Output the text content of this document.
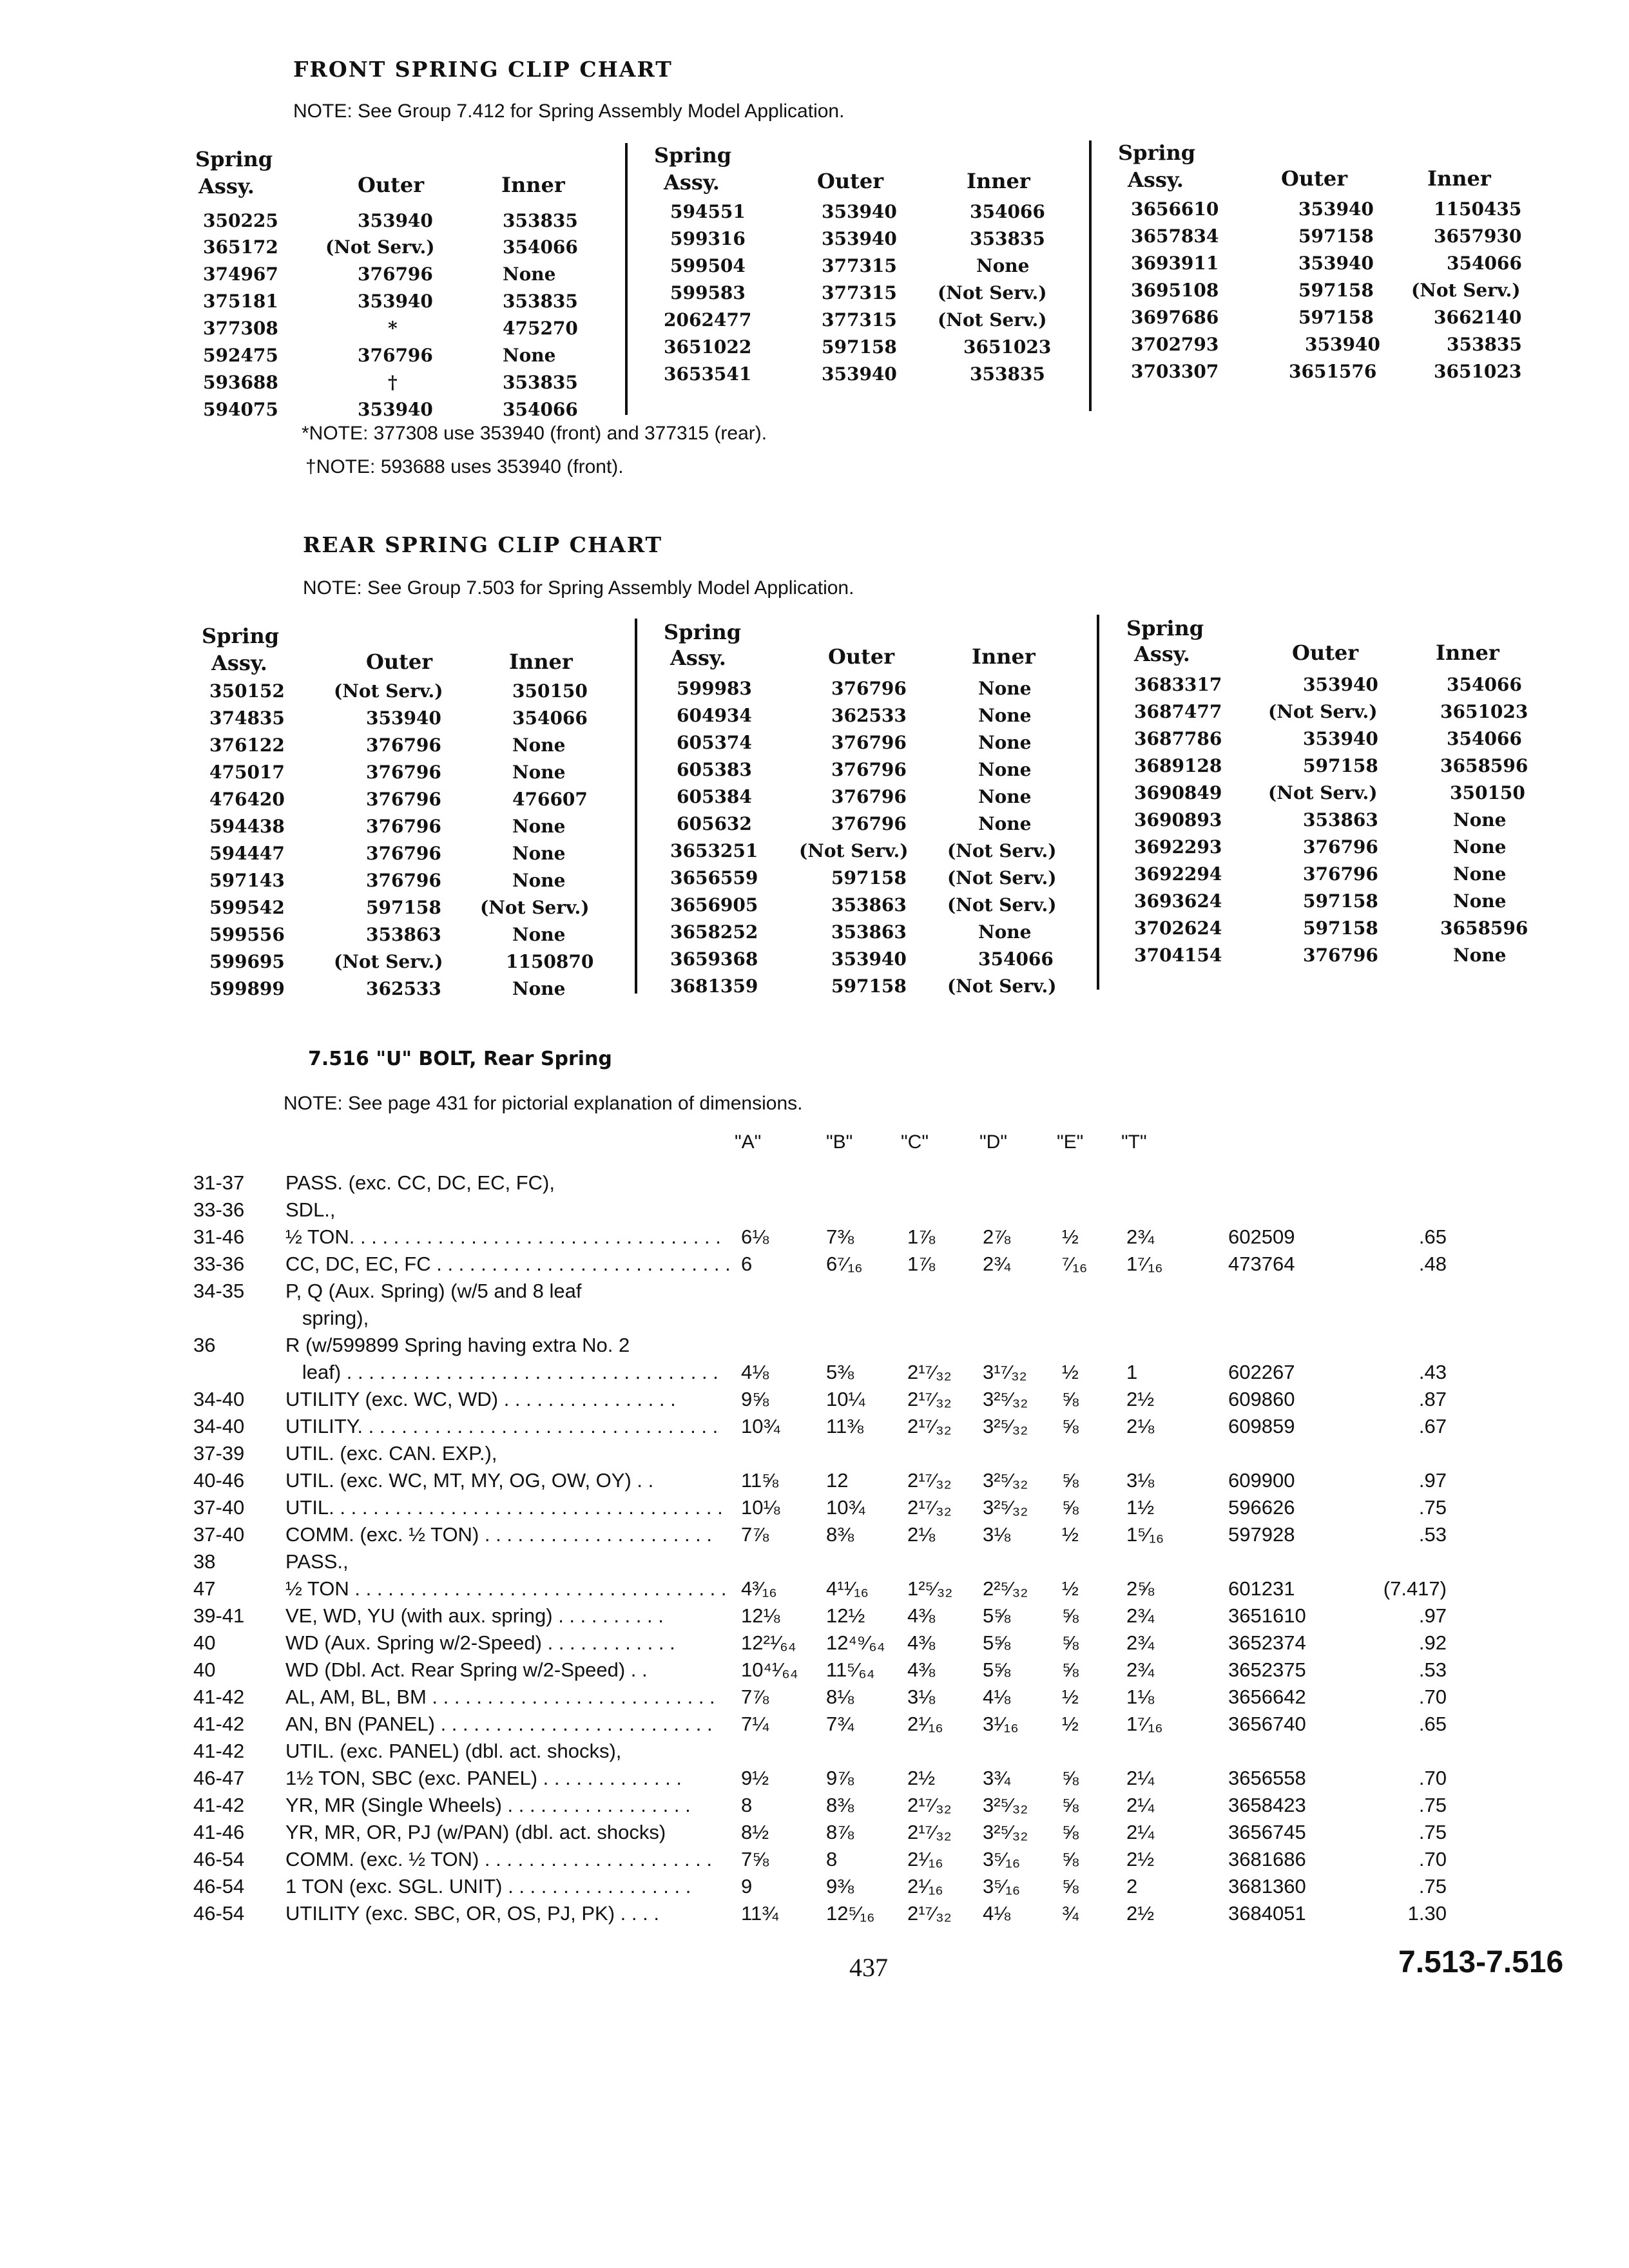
FRONT SPRING CLIP CHART
NOTE: See Group 7.412 for Spring Assembly Model Application.
Spring
Assy.	Outer	Inner
Spring
Assy.	Outer	Inner
Spring
Assy.	Outer	Inner
350225	353940	353835
365172	(Not Serv.)	354066
374967	376796	None
375181	353940	353835
377308	*	475270
592475	376796	None
593688	†	353835
594075	353940	354066
594551	353940	354066
599316	353940	353835
599504	377315	None
599583	377315 (Not Serv.)
2062477	377315 (Not Serv.)
3651022	597158	3651023
3653541	353940	353835
3656610	353940	1150435
3657834	597158	3657930
3693911	353940	354066
3695108	597158 (Not Serv.)
3697686	597158	3662140
3702793	353940	353835
3703307	3651576	3651023
*NOTE: 377308 use 353940 (front) and 377315 (rear).
†NOTE: 593688 uses 353940 (front).
REAR SPRING CLIP CHART
NOTE: See Group 7.503 for Spring Assembly Model Application.
Spring
Assy.	Outer	Inner
Spring
Assy.	Outer	Inner
Spring
Assy.	Outer	Inner
350152	(Not Serv.)	350150
374835	353940	354066
376122	376796	None
475017	376796	None
476420	376796	476607
594438	376796	None
594447	376796	None
597143	376796	None
599542	597158 (Not Serv.)
599556	353863	None
599695	(Not Serv.)	1150870
599899	362533	None
599983	376796	None
604934	362533	None
605374	376796	None
605383	376796	None
605384	376796	None
605632	376796	None
3653251 (Not Serv.) (Not Serv.)
3656559	597158 (Not Serv.)
3656905	353863 (Not Serv.)
3658252	353863	None
3659368	353940	354066
3681359	597158 (Not Serv.)
3683317	353940	354066
3687477	(Not Serv.)	3651023
3687786	353940	354066
3689128	597158	3658596
3690849	(Not Serv.)	350150
3690893	353863	None
3692293	376796	None
3692294	376796	None
3693624	597158	None
3702624	597158	3658596
3704154	376796	None
7.516 "U" BOLT, Rear Spring
NOTE: See page 431 for pictorial explanation of dimensions.
"A"	"B" "C"	"D"	"E" "T"
31-37 PASS. (exc. CC, DC, EC, FC),
33-36 SDL.,
31-46 ½ TON. . . . . . . . . . . . . . . . . . . . . . . . . . . . . . . . . . 6⅛	7⅜	1⅞ 2⅞	½ 2¾	602509	.65
33-36 CC, DC, EC, FC . . . . . . . . . . . . . . . . . . . . . . . . . . . 6	6⁷⁄₁₆ 1⅞ 2¾	⁷⁄₁₆ 1⁷⁄₁₆	473764	.48
34-35 P, Q (Aux. Spring) (w/5 and 8 leaf
spring),
36	R (w/599899 Spring having extra No. 2
leaf) . . . . . . . . . . . . . . . . . . . . . . . . . . . . . . . . . . 4⅛	5⅜	2¹⁷⁄₃₂ 3¹⁷⁄₃₂ ½ 1	602267	.43
34-40 UTILITY (exc. WC, WD) . . . . . . . . . . . . . . . .	9⅝	10¼ 2¹⁷⁄₃₂ 3²⁵⁄₃₂ ⅝ 2½	609860	.87
34-40 UTILITY. . . . . . . . . . . . . . . . . . . . . . . . . . . . . . . . . 10¾ 11⅜ 2¹⁷⁄₃₂ 3²⁵⁄₃₂ ⅝ 2⅛	609859	.67
37-39 UTIL. (exc. CAN. EXP.),
40-46 UTIL. (exc. WC, MT, MY, OG, OW, OY) . .	11⅝ 12	2¹⁷⁄₃₂ 3²⁵⁄₃₂ ⅝ 3⅛	609900	.97
37-40 UTIL. . . . . . . . . . . . . . . . . . . . . . . . . . . . . . . . . . . . 10⅛ 10¾ 2¹⁷⁄₃₂ 3²⁵⁄₃₂ ⅝ 1½	596626	.75
37-40 COMM. (exc. ½ TON) . . . . . . . . . . . . . . . . . . . . . 7⅞	8⅜	2⅛ 3⅛	½ 1⁵⁄₁₆	597928	.53
38	PASS.,
47	½ TON . . . . . . . . . . . . . . . . . . . . . . . . . . . . . . . . . . 4³⁄₁₆ 4¹¹⁄₁₆ 1²⁵⁄₃₂ 2²⁵⁄₃₂ ½ 2⅝	601231	(7.417)
39-41 VE, WD, YU (with aux. spring) . . . . . . . . . .	12⅛ 12½ 4⅜ 5⅝	⅝ 2¾	3651610	.97
40	WD (Aux. Spring w/2-Speed) . . . . . . . . . . . .	12²¹⁄₆₄ 12⁴⁹⁄₆₄ 4⅜ 5⅝	⅝ 2¾	3652374	.92
40	WD (Dbl. Act. Rear Spring w/2-Speed) . .	10⁴¹⁄₆₄ 11⁵⁄₆₄ 4⅜ 5⅝	⅝ 2¾	3652375	.53
41-42 AL, AM, BL, BM . . . . . . . . . . . . . . . . . . . . . . . . . . 7⅞	8⅛	3⅛ 4⅛	½ 1⅛	3656642	.70
41-42 AN, BN (PANEL) . . . . . . . . . . . . . . . . . . . . . . . . . 7¼	7¾	2¹⁄₁₆ 3¹⁄₁₆ ½ 1⁷⁄₁₆	3656740	.65
41-42 UTIL. (exc. PANEL) (dbl. act. shocks),
46-47 1½ TON, SBC (exc. PANEL) . . . . . . . . . . . . .	9½	9⅞	2½ 3¾	⅝ 2¼	3656558	.70
41-42 YR, MR (Single Wheels) . . . . . . . . . . . . . . . . .	8	8⅜	2¹⁷⁄₃₂ 3²⁵⁄₃₂ ⅝ 2¼	3658423	.75
41-46 YR, MR, OR, PJ (w/PAN) (dbl. act. shocks)	8½	8⅞	2¹⁷⁄₃₂ 3²⁵⁄₃₂ ⅝ 2¼	3656745	.75
46-54 COMM. (exc. ½ TON) . . . . . . . . . . . . . . . . . . . . . 7⅝	8	2¹⁄₁₆ 3⁵⁄₁₆ ⅝ 2½	3681686	.70
46-54 1 TON (exc. SGL. UNIT) . . . . . . . . . . . . . . . . .	9	9⅜	2¹⁄₁₆ 3⁵⁄₁₆ ⅝ 2	3681360	.75
46-54 UTILITY (exc. SBC, OR, OS, PJ, PK) . . . .	11¾ 12⁵⁄₁₆ 2¹⁷⁄₃₂ 4⅛	¾ 2½	3684051	1.30
437	7.513-7.516
